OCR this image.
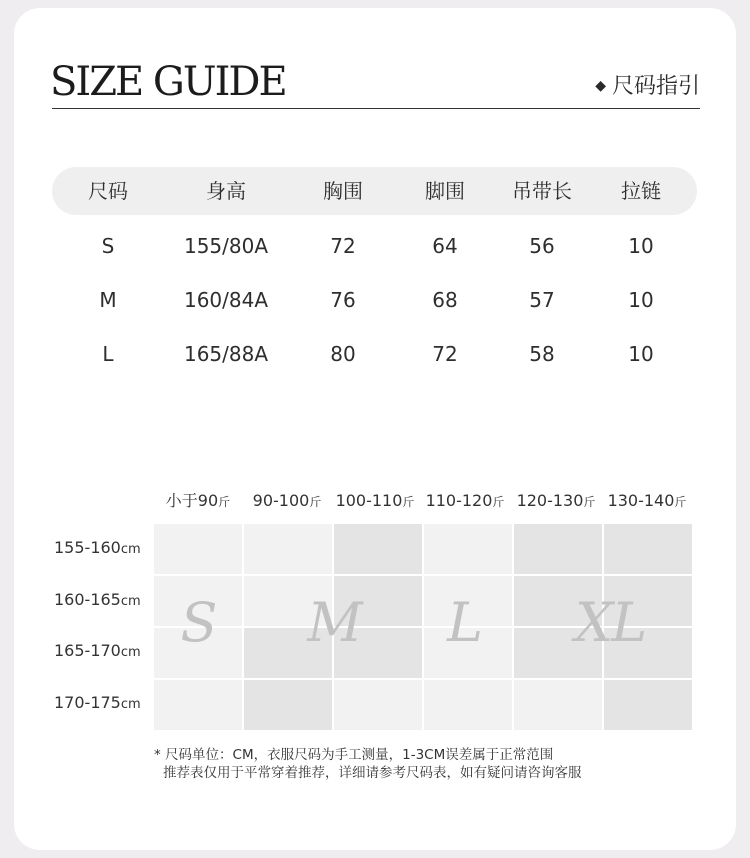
SIZE GUIDE	◆ 尺码指引
尺码	身高	胸围	脚围	吊带长	拉链
S	155/80A	72	64	56	10
M	160/84A	76	68	57	10
L	165/88A	80	72	58	10
小于90斤	90-100斤 100-110斤 110-120斤 120-130斤 130-140斤
155-160cm
160-165cm
165-170cm
170-175cm
S	M	L	XL
* 尺码单位：CM，衣服尺码为手工测量，1-3CM误差属于正常范围
推荐表仅用于平常穿着推荐，详细请参考尺码表，如有疑问请咨询客服
